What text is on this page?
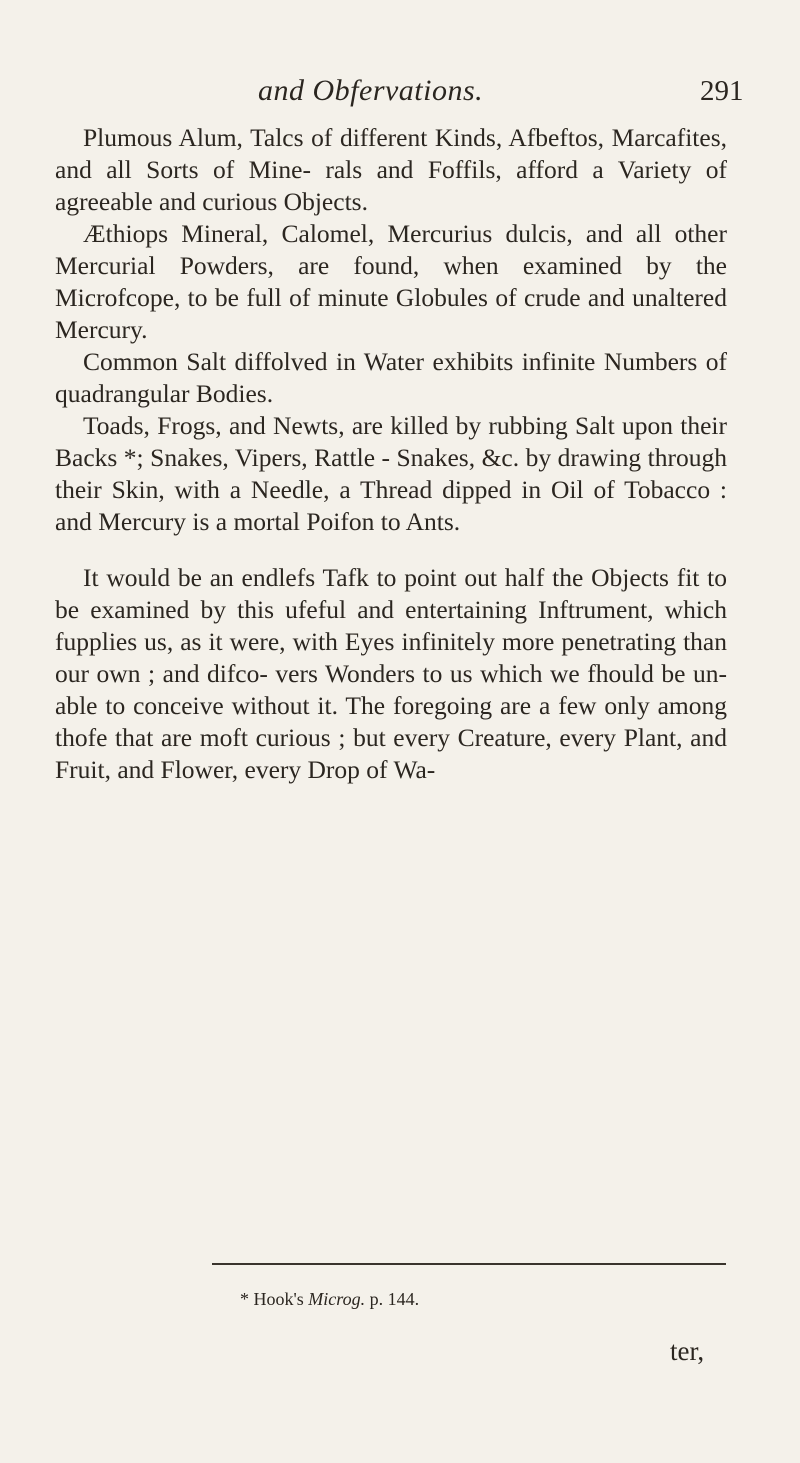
and Obfervations.	291

Plumous Alum, Talcs of different Kinds, Afbeftos, Marcafites, and all Sorts of Mine- rals and Foffils, afford a Variety of agreeable and curious Objects.

Æthiops Mineral, Calomel, Mercurius dulcis, and all other Mercurial Powders, are found, when examined by the Microfcope, to be full of minute Globules of crude and unaltered Mercury.

Common Salt diffolved in Water exhibits infinite Numbers of quadrangular Bodies.

Toads, Frogs, and Newts, are killed by rubbing Salt upon their Backs *; Snakes, Vipers, Rattle - Snakes, &c. by drawing through their Skin, with a Needle, a Thread dipped in Oil of Tobacco : and Mercury is a mortal Poifon to Ants.

It would be an endlefs Tafk to point out half the Objects fit to be examined by this ufeful and entertaining Inftrument, which fupplies us, as it were, with Eyes infinitely more penetrating than our own ; and difco- vers Wonders to us which we fhould be un- able to conceive without it. The foregoing are a few only among thofe that are moft curious ; but every Creature, every Plant, and Fruit, and Flower, every Drop of Wa-

* Hook's Microg. p. 144.
ter,
